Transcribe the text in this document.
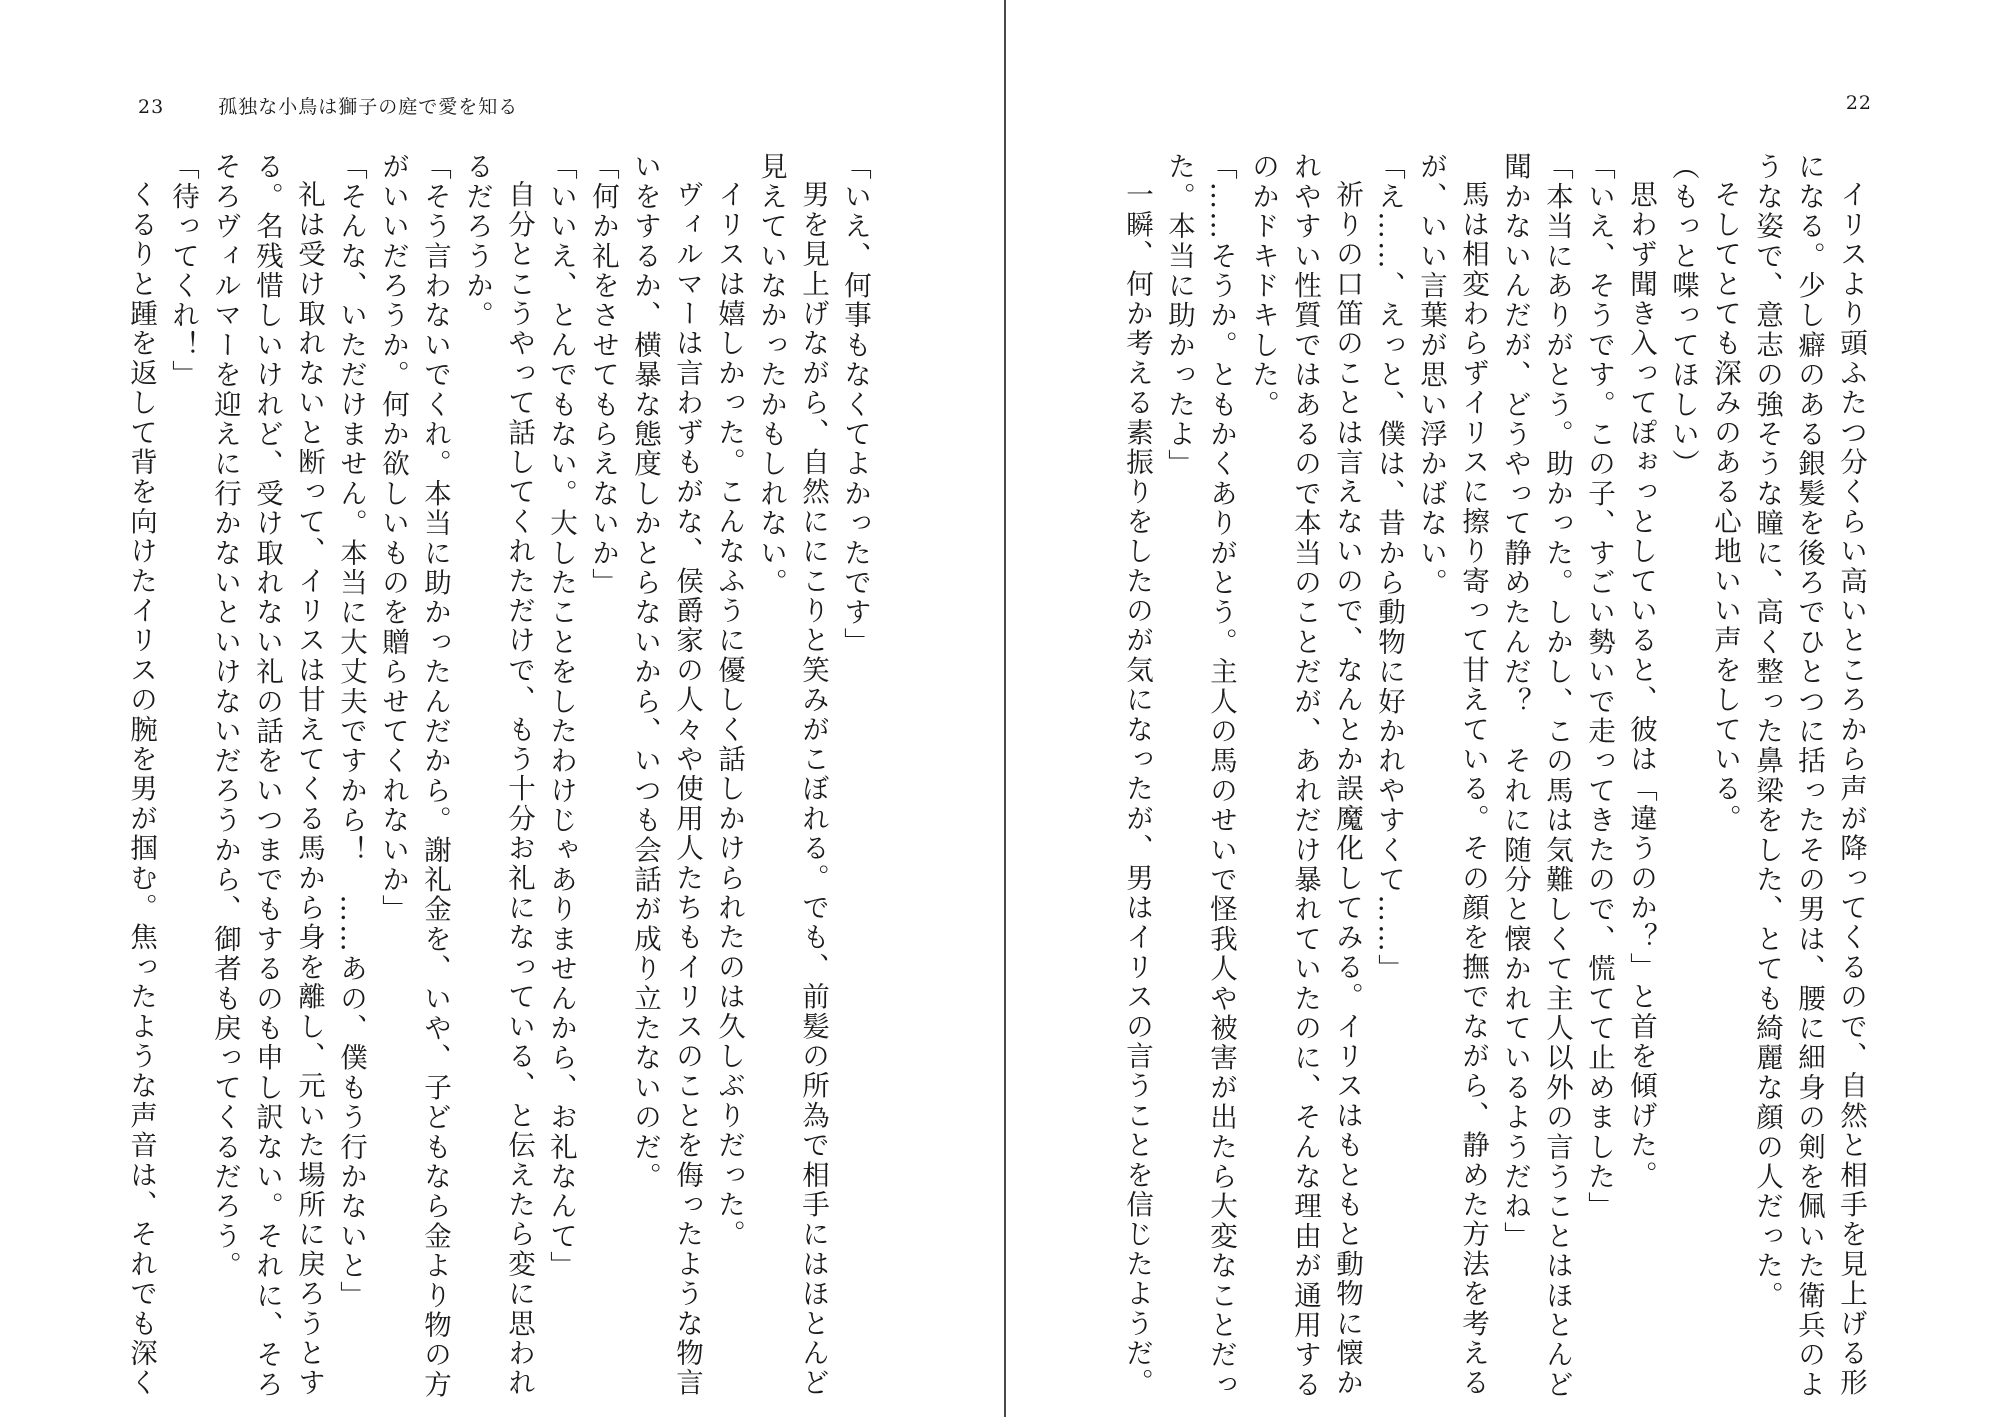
23	孤独な小鳥は獅子の庭で愛を知る
「いえ、何事もなくてよかったです」
男を見上げながら、自然ににこりと笑みがこぼれる。でも、前髪の所為で相手にはほとんど
見えていなかったかもしれない。
イリスは嬉しかった。こんなふうに優しく話しかけられたのは久しぶりだった。
ヴィルマーは言わずもがな、侯爵家の人々や使用人たちもイリスのことを侮ったような物言
いをするか、横暴な態度しかとらないから、いつも会話が成り立たないのだ。
「何か礼をさせてもらえないか」
「いいえ、とんでもない。大したことをしたわけじゃありませんから、お礼なんて」
自分とこうやって話してくれただけで、もう十分お礼になっている、と伝えたら変に思われ
るだろうか。
「そう言わないでくれ。本当に助かったんだから。謝礼金を、いや、子どもなら金より物の方
がいいだろうか。何か欲しいものを贈らせてくれないか」
「そんな、いただけません。本当に大丈夫ですから！　……あの、僕もう行かないと」
礼は受け取れないと断って、イリスは甘えてくる馬から身を離し、元いた場所に戻ろうとす
る。名残惜しいけれど、受け取れない礼の話をいつまでもするのも申し訳ない。それに、そろ
そろヴィルマーを迎えに行かないといけないだろうから、御者も戻ってくるだろう。
「待ってくれ！」
くるりと踵を返して背を向けたイリスの腕を男が掴む。焦ったような声音は、それでも深く
22
イリスより頭ふたつ分くらい高いところから声が降ってくるので、自然と相手を見上げる形
になる。少し癖のある銀髪を後ろでひとつに括ったその男は、腰に細身の剣を佩いた衛兵のよ
うな姿で、意志の強そうな瞳に、高く整った鼻梁をした、とても綺麗な顔の人だった。
そしてとても深みのある心地いい声をしている。
（もっと喋ってほしい）
思わず聞き入ってぽぉっとしていると、彼は「違うのか？」と首を傾げた。
「いえ、そうです。この子、すごい勢いで走ってきたので、慌てて止めました」
「本当にありがとう。助かった。しかし、この馬は気難しくて主人以外の言うことはほとんど
聞かないんだが、どうやって静めたんだ？　それに随分と懐かれているようだね」
馬は相変わらずイリスに擦り寄って甘えている。その顔を撫でながら、静めた方法を考える
が、いい言葉が思い浮かばない。
「え……、えっと、僕は、昔から動物に好かれやすくて……」
祈りの口笛のことは言えないので、なんとか誤魔化してみる。イリスはもともと動物に懐か
れやすい性質ではあるので本当のことだが、あれだけ暴れていたのに、そんな理由が通用する
のかドキドキした。
「……そうか。ともかくありがとう。主人の馬のせいで怪我人や被害が出たら大変なことだっ
た。本当に助かったよ」
一瞬、何か考える素振りをしたのが気になったが、男はイリスの言うことを信じたようだ。
